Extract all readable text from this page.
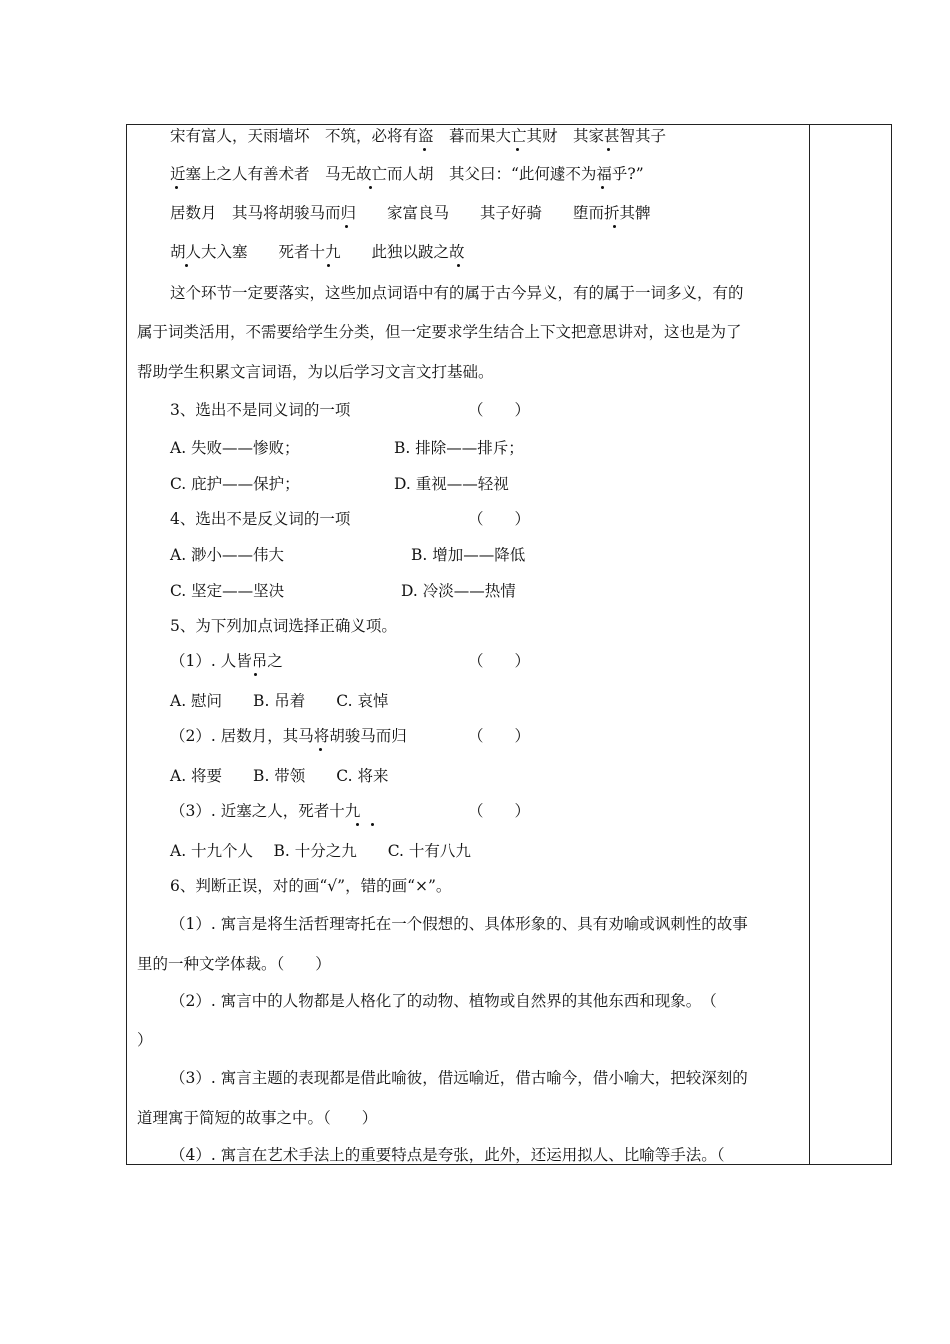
宋有富人，天雨墙坏　不筑，必将有盗　暮而果大亡其财　其家甚智其子
近塞上之人有善术者　马无故亡而人胡　其父曰：“此何遽不为福乎?”
居数月　其马将胡骏马而归　　家富良马　　其子好骑　　堕而折其髀
胡人大入塞　　死者十九　　此独以跛之故
这个环节一定要落实，这些加点词语中有的属于古今异义，有的属于一词多义，有的
属于词类活用，不需要给学生分类，但一定要求学生结合上下文把意思讲对，这也是为了
帮助学生积累文言词语，为以后学习文言文打基础。
3、选出不是同义词的一项	（　　）
A. 失败——惨败；	B. 排除——排斥；
C. 庇护——保护；	D. 重视——轻视
4、选出不是反义词的一项	（　　）
A. 渺小——伟大	B. 增加——降低
C. 坚定——坚决	D. 冷淡——热情
5、为下列加点词选择正确义项。
（1）. 人皆吊之	（　　）
A. 慰问　　B. 吊着　　C. 哀悼
（2）. 居数月，其马将胡骏马而归	（　　）
A. 将要　　B. 带领　　C. 将来
（3）. 近塞之人，死者十九	（　　）
A. 十九个人　 B. 十分之九　　C. 十有八九
6、判断正误，对的画“√”，错的画“×”。
（1）. 寓言是将生活哲理寄托在一个假想的、具体形象的、具有劝喻或讽刺性的故事
里的一种文学体裁。（　　）
（2）. 寓言中的人物都是人格化了的动物、植物或自然界的其他东西和现象。　（
）
（3）. 寓言主题的表现都是借此喻彼，借远喻近，借古喻今，借小喻大，把较深刻的
道理寓于简短的故事之中。（　　）
（4）. 寓言在艺术手法上的重要特点是夸张，此外，还运用拟人、比喻等手法。（
